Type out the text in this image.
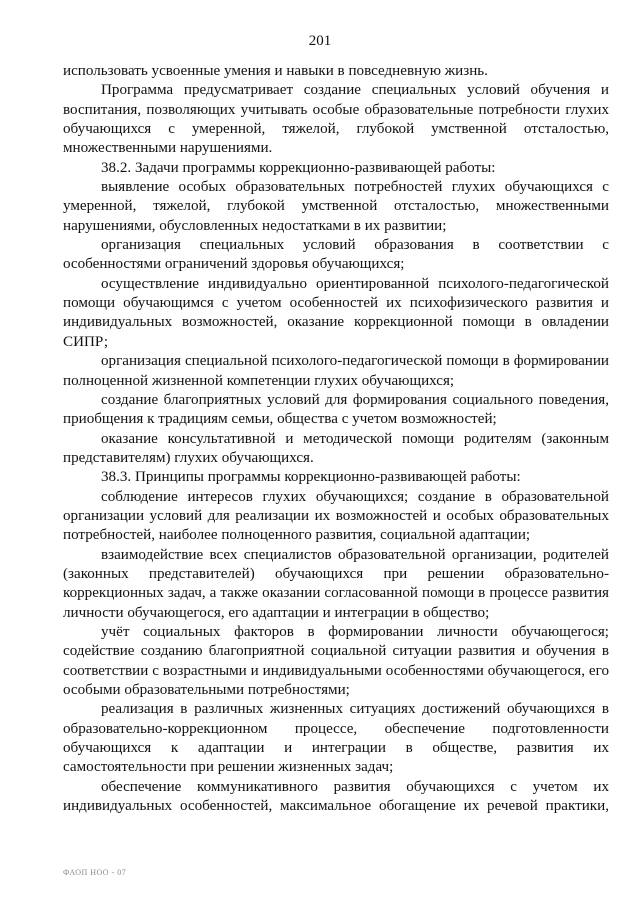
201

использовать усвоенные умения и навыки в повседневную жизнь.

Программа предусматривает создание специальных условий обучения и воспитания, позволяющих учитывать особые образовательные потребности глухих обучающихся с умеренной, тяжелой, глубокой умственной отсталостью, множественными нарушениями.

38.2. Задачи программы коррекционно-развивающей работы:

выявление особых образовательных потребностей глухих обучающихся с умеренной, тяжелой, глубокой умственной отсталостью, множественными нарушениями, обусловленных недостатками в их развитии;

организация специальных условий образования в соответствии с особенностями ограничений здоровья обучающихся;

осуществление индивидуально ориентированной психолого-педагогической помощи обучающимся с учетом особенностей их психофизического развития и индивидуальных возможностей, оказание коррекционной помощи в овладении СИПР;

организация специальной психолого-педагогической помощи в формировании полноценной жизненной компетенции глухих обучающихся;

создание благоприятных условий для формирования социального поведения, приобщения к традициям семьи, общества с учетом возможностей;

оказание консультативной и методической помощи родителям (законным представителям) глухих обучающихся.

38.3. Принципы программы коррекционно-развивающей работы:

соблюдение интересов глухих обучающихся; создание в образовательной организации условий для реализации их возможностей и особых образовательных потребностей, наиболее полноценного развития, социальной адаптации;

взаимодействие всех специалистов образовательной организации, родителей (законных представителей) обучающихся при решении образовательно-коррекционных задач, а также оказании согласованной помощи в процессе развития личности обучающегося, его адаптации и интеграции в общество;

учёт социальных факторов в формировании личности обучающегося; содействие созданию благоприятной социальной ситуации развития и обучения в соответствии с возрастными и индивидуальными особенностями обучающегося, его особыми образовательными потребностями;

реализация в различных жизненных ситуациях достижений обучающихся в образовательно-коррекционном процессе, обеспечение подготовленности обучающихся к адаптации и интеграции в обществе, развития их самостоятельности при решении жизненных задач;

обеспечение коммуникативного развития обучающихся с учетом их индивидуальных особенностей, максимальное обогащение их речевой практики,

ФАОП НОО - 07
